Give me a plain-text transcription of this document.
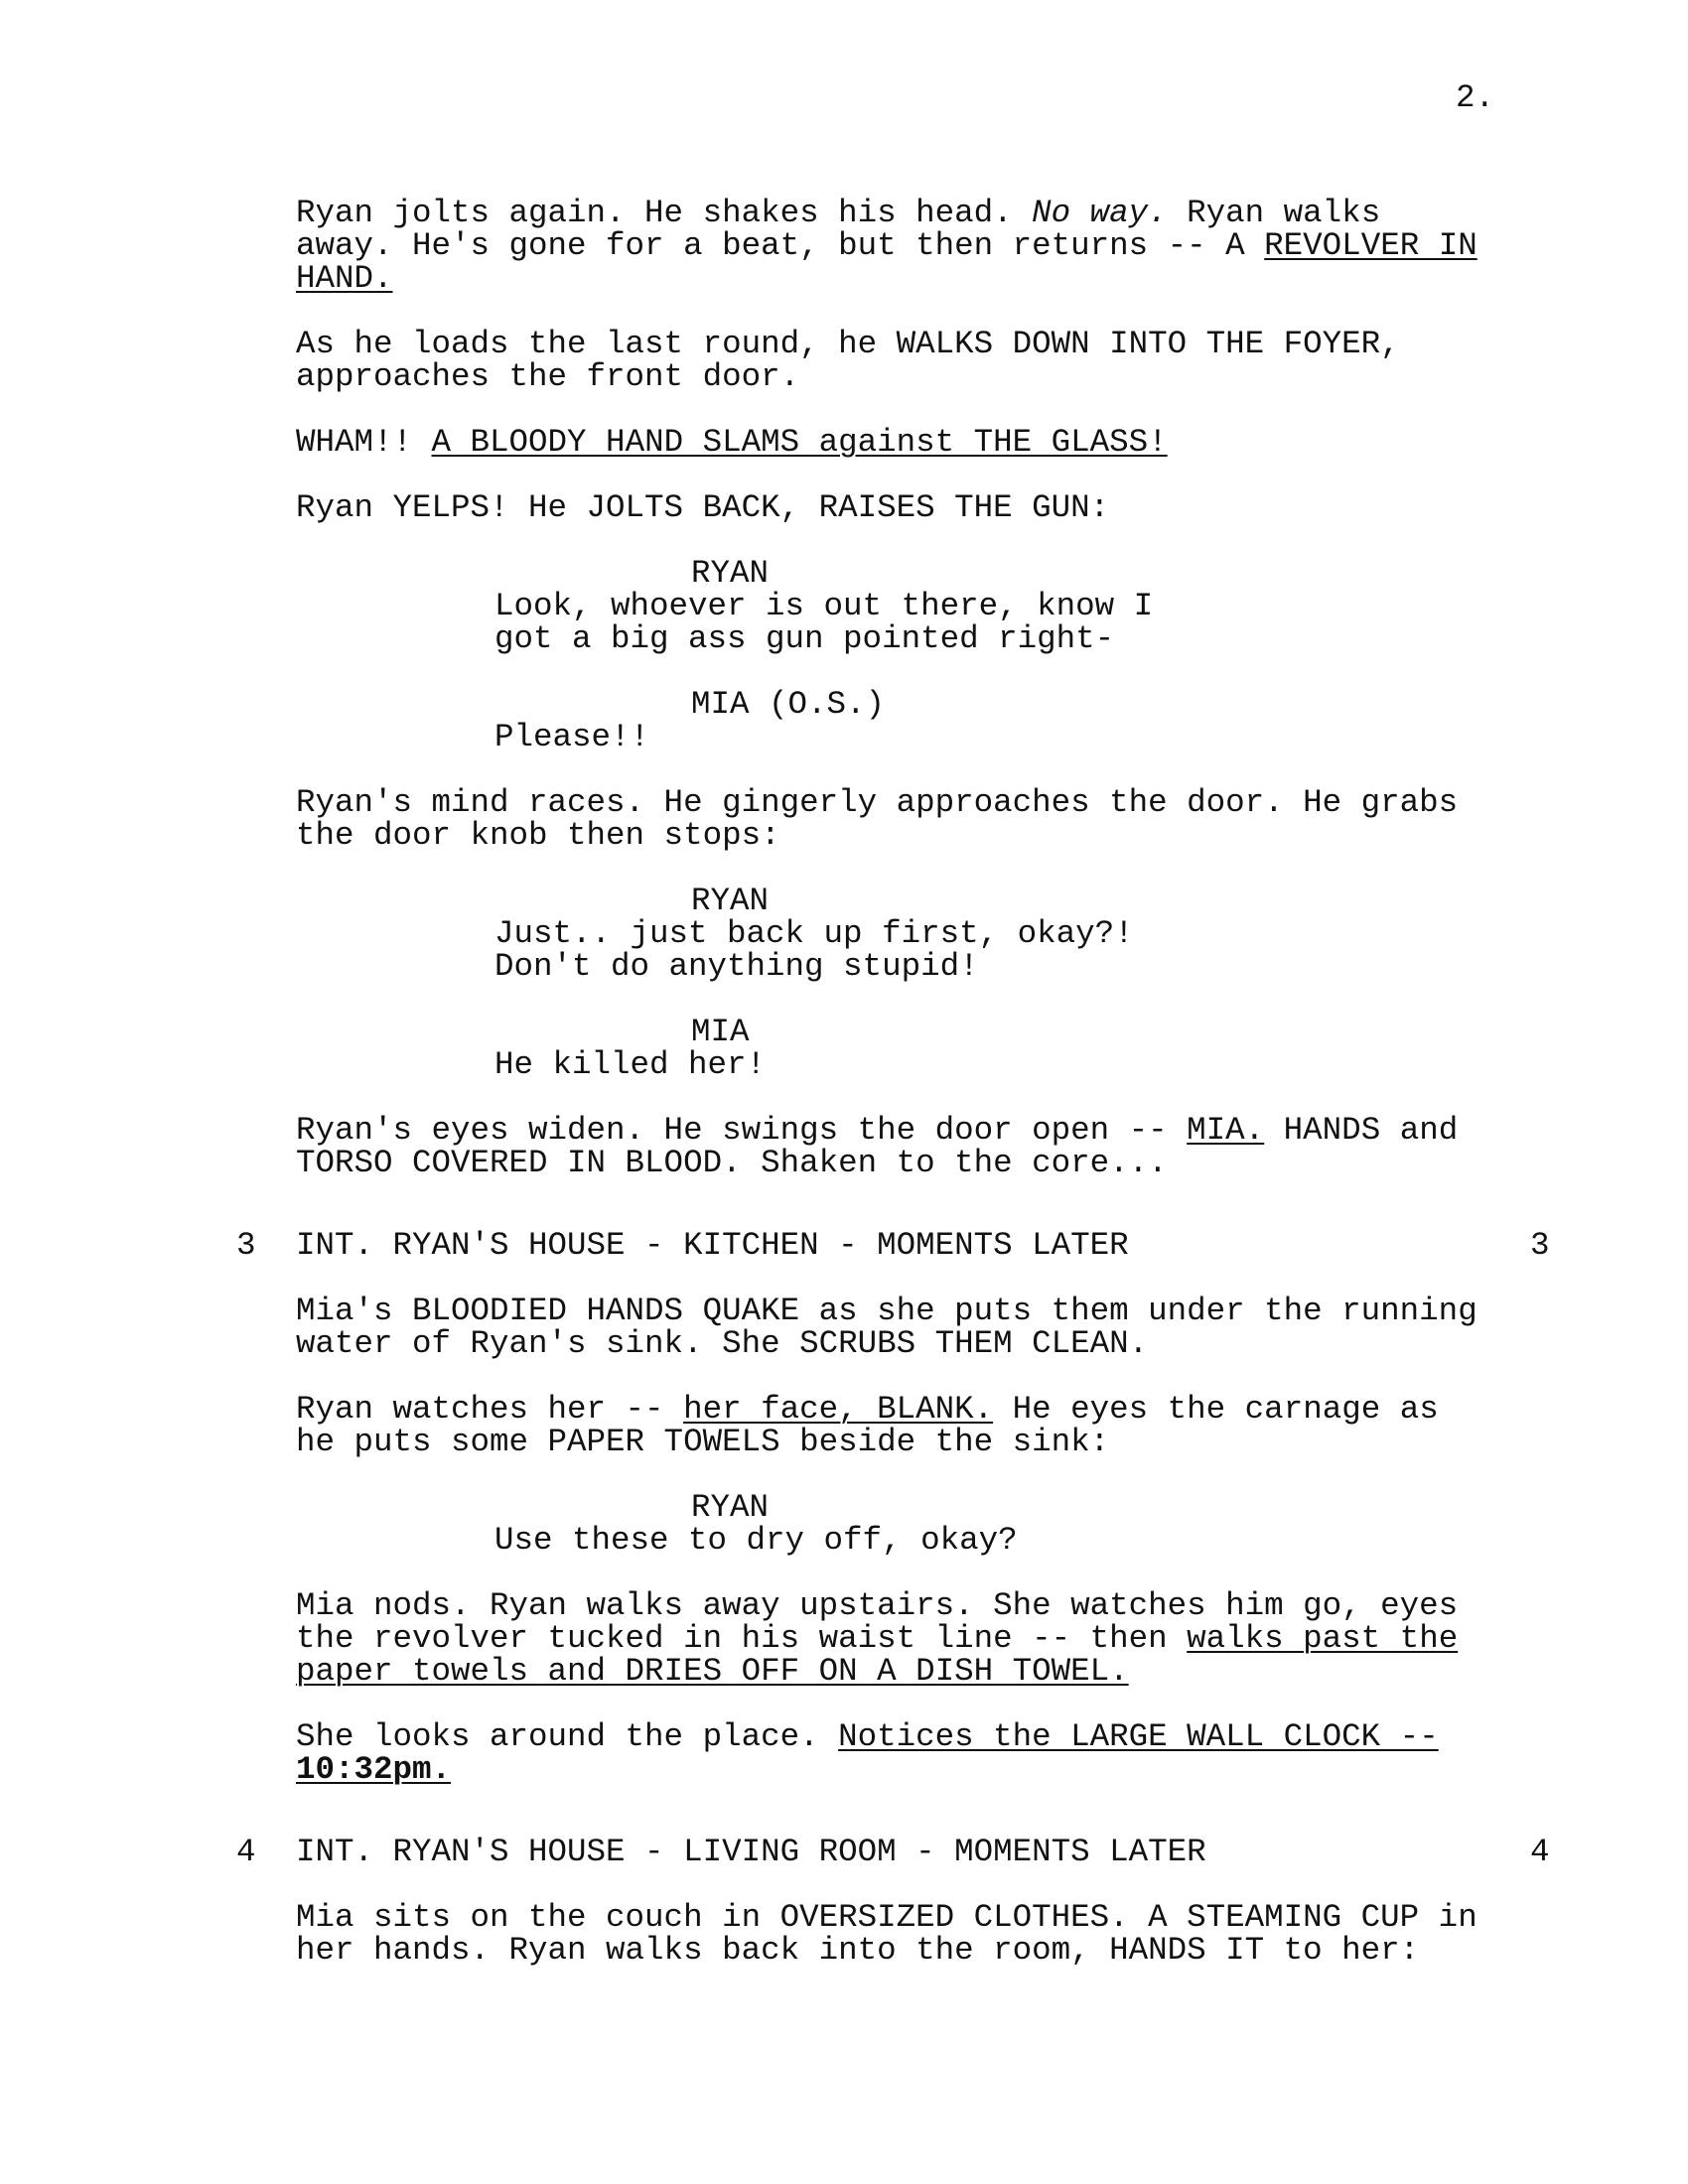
2.
Ryan jolts again. He shakes his head. No way. Ryan walks
away. He's gone for a beat, but then returns -- A REVOLVER IN
HAND.
As he loads the last round, he WALKS DOWN INTO THE FOYER,
approaches the front door.
WHAM!! A BLOODY HAND SLAMS against THE GLASS!
Ryan YELPS! He JOLTS BACK, RAISES THE GUN:
RYAN
Look, whoever is out there, know I
got a big ass gun pointed right-
MIA (O.S.)
Please!!
Ryan's mind races. He gingerly approaches the door. He grabs
the door knob then stops:
RYAN
Just.. just back up first, okay?!
Don't do anything stupid!
MIA
He killed her!
Ryan's eyes widen. He swings the door open -- MIA. HANDS and
TORSO COVERED IN BLOOD. Shaken to the core...
3 INT. RYAN'S HOUSE - KITCHEN - MOMENTS LATER	3
Mia's BLOODIED HANDS QUAKE as she puts them under the running
water of Ryan's sink. She SCRUBS THEM CLEAN.
Ryan watches her -- her face, BLANK. He eyes the carnage as
he puts some PAPER TOWELS beside the sink:
RYAN
Use these to dry off, okay?
Mia nods. Ryan walks away upstairs. She watches him go, eyes
the revolver tucked in his waist line -- then walks past the
paper towels and DRIES OFF ON A DISH TOWEL.
She looks around the place. Notices the LARGE WALL CLOCK --
10:32pm.
4 INT. RYAN'S HOUSE - LIVING ROOM - MOMENTS LATER	4
Mia sits on the couch in OVERSIZED CLOTHES. A STEAMING CUP in
her hands. Ryan walks back into the room, HANDS IT to her:
